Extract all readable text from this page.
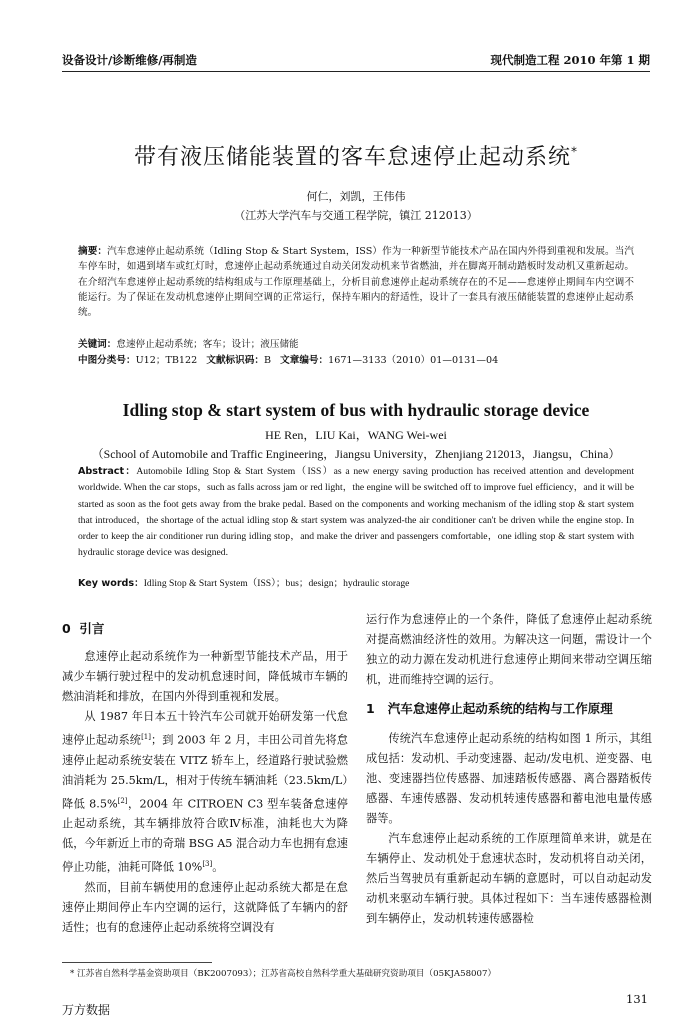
设备设计/诊断维修/再制造	现代制造工程 2010 年第 1 期
带有液压储能装置的客车怠速停止起动系统*
何仁，刘凯，王伟伟
（江苏大学汽车与交通工程学院，镇江 212013）
摘要：汽车怠速停止起动系统（Idling Stop & Start System，ISS）作为一种新型节能技术产品在国内外得到重视和发展。当汽车停车时，如遇到堵车或红灯时，怠速停止起动系统通过自动关闭发动机来节省燃油，并在脚离开制动踏板时发动机又重新起动。在介绍汽车怠速停止起动系统的结构组成与工作原理基础上，分析目前怠速停止起动系统存在的不足——怠速停止期间车内空调不能运行。为了保证在发动机怠速停止期间空调的正常运行，保持车厢内的舒适性，设计了一套具有液压储能装置的怠速停止起动系统。
关键词：怠速停止起动系统；客车；设计；液压储能
中图分类号：U12；TB122 文献标识码：B 文章编号：1671—3133（2010）01—0131—04
Idling stop & start system of bus with hydraulic storage device
HE Ren，LIU Kai，WANG Wei-wei
（School of Automobile and Traffic Engineering，Jiangsu University，Zhenjiang 212013，Jiangsu，China）
Abstract：Automobile Idling Stop & Start System（ISS）as a new energy saving production has received attention and development worldwide. When the car stops，such as falls across jam or red light，the engine will be switched off to improve fuel efficiency，and it will be started as soon as the foot gets away from the brake pedal. Based on the components and working mechanism of the idling stop & start system that introduced，the shortage of the actual idling stop & start system was analyzed-the air conditioner can't be driven while the engine stop. In order to keep the air conditioner run during idling stop，and make the driver and passengers comfortable，one idling stop & start system with hydraulic storage device was designed.
Key words：Idling Stop & Start System（ISS）；bus；design；hydraulic storage
0 引言

怠速停止起动系统作为一种新型节能技术产品，用于减少车辆行驶过程中的发动机怠速时间，降低城市车辆的燃油消耗和排放，在国内外得到重视和发展。

从 1987 年日本五十铃汽车公司就开始研发第一代怠速停止起动系统[1]；到 2003 年 2 月，丰田公司首先将怠速停止起动系统安装在 VITZ 轿车上，经道路行驶试验燃油消耗为 25.5km/L，相对于传统车辆油耗（23.5km/L）降低 8.5%[2]，2004 年 CITROEN C3 型车装备怠速停止起动系统，其车辆排放符合欧Ⅳ标准，油耗也大为降低，今年新近上市的奇瑞 BSG A5 混合动力车也拥有怠速停止功能，油耗可降低 10%[3]。

然而，目前车辆使用的怠速停止起动系统大都是在怠速停止期间停止车内空调的运行，这就降低了车辆内的舒适性；也有的怠速停止起动系统将空调没有

运行作为怠速停止的一个条件，降低了怠速停止起动系统对提高燃油经济性的效用。为解决这一问题，需设计一个独立的动力源在发动机进行怠速停止期间来带动空调压缩机，进而维持空调的运行。

1 汽车怠速停止起动系统的结构与工作原理

传统汽车怠速停止起动系统的结构如图 1 所示，其组成包括：发动机、手动变速器、起动/发电机、逆变器、电池、变速器挡位传感器、加速踏板传感器、离合器踏板传感器、车速传感器、发动机转速传感器和蓄电池电量传感器等。

汽车怠速停止起动系统的工作原理简单来讲，就是在车辆停止、发动机处于怠速状态时，发动机将自动关闭，然后当驾驶员有重新起动车辆的意愿时，可以自动起动发动机来驱动车辆行驶。具体过程如下：当车速传感器检测到车辆停止，发动机转速传感器检

* 江苏省自然科学基金资助项目（BK2007093）；江苏省高校自然科学重大基础研究资助项目（05KJA58007）
131
万方数据
